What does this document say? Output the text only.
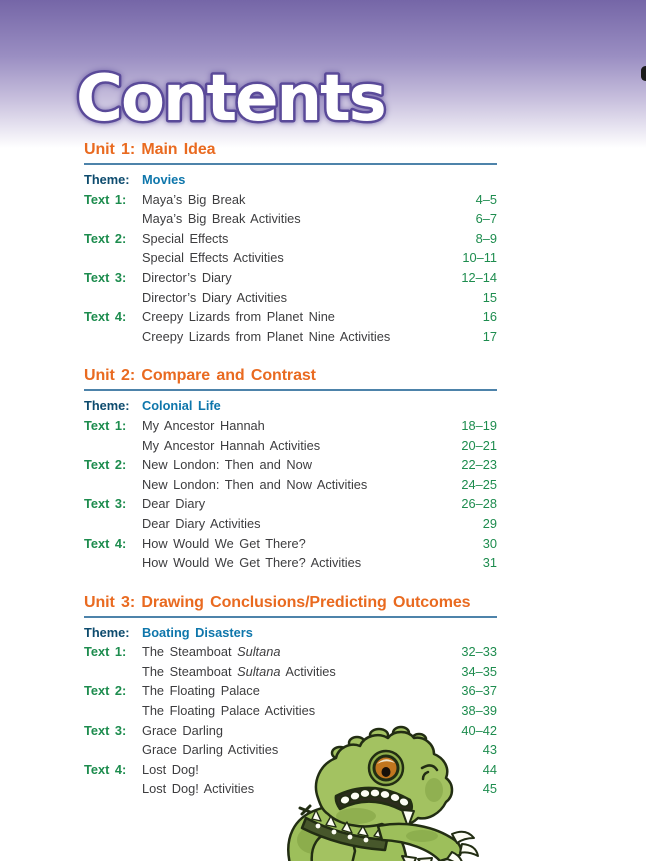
Contents
Unit 1: Main Idea
Theme: Movies
Text 1:	Maya’s Big Break	4–5
Maya’s Big Break Activities	6–7
Text 2:	Special Effects	8–9
Special Effects Activities	10–11
Text 3:	Director’s Diary	12–14
Director’s Diary Activities	15
Text 4:	Creepy Lizards from Planet Nine	16
Creepy Lizards from Planet Nine Activities	17
Unit 2: Compare and Contrast
Theme: Colonial Life
Text 1:	My Ancestor Hannah	18–19
My Ancestor Hannah Activities	20–21
Text 2:	New London: Then and Now	22–23
New London: Then and Now Activities	24–25
Text 3:	Dear Diary	26–28
Dear Diary Activities	29
Text 4:	How Would We Get There?	30
How Would We Get There? Activities	31
Unit 3: Drawing Conclusions/Predicting Outcomes
Theme: Boating Disasters
Text 1:	The Steamboat Sultana	32–33
The Steamboat Sultana Activities	34–35
Text 2:	The Floating Palace	36–37
The Floating Palace Activities	38–39
Text 3:	Grace Darling	40–42
Grace Darling Activities	43
Text 4:	Lost Dog!	44
Lost Dog! Activities	45
